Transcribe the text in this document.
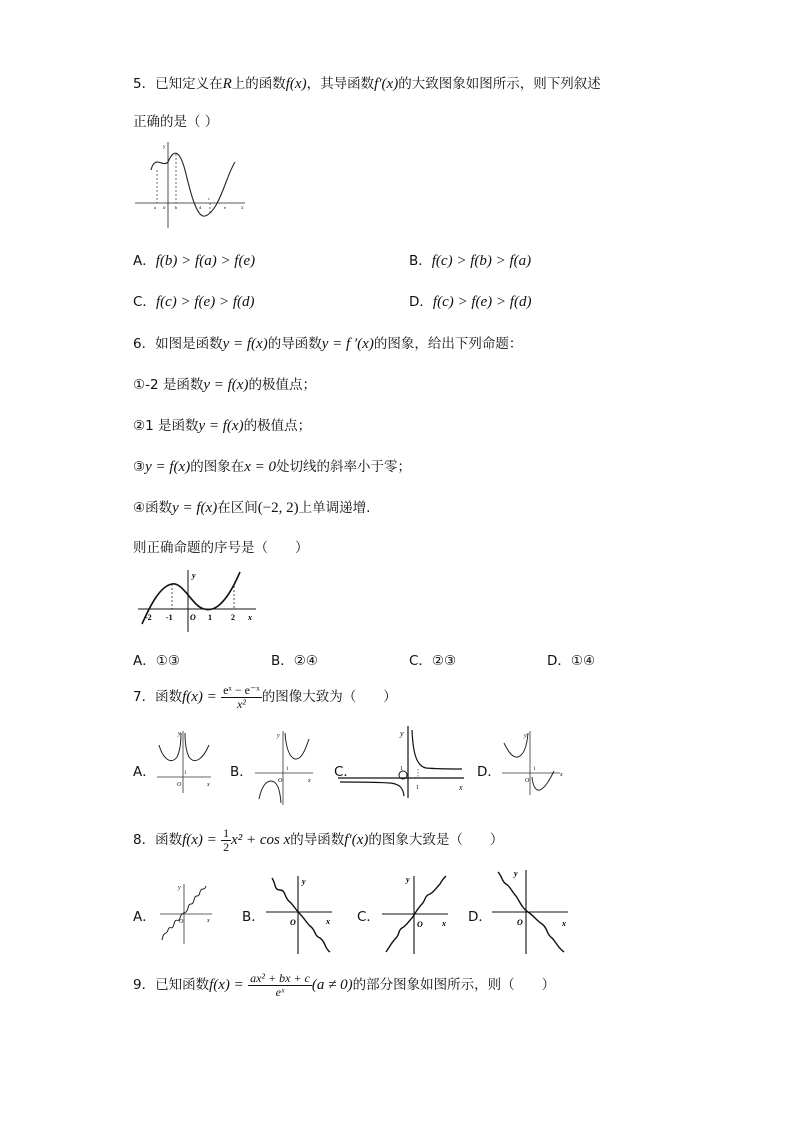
5．已知定义在R上的函数f(x)，其导函数f′(x)的大致图象如图所示，则下列叙述
正确的是（ ）
y
o	x
a	b
c
d	e
A．f(b) > f(a) > f(e)	B．f(c) > f(b) > f(a)
C．f(c) > f(e) > f(d)	D．f(c) > f(e) > f(d)
6．如图是函数y = f(x)的导函数y = f ′(x)的图象，给出下列命题：
①-2 是函数y = f(x)的极值点；
②1 是函数y = f(x)的极值点；
③y = f(x)的图象在x = 0处切线的斜率小于零；
④函数y = f(x)在区间(−2, 2)上单调递增.
则正确命题的序号是（　　）
y
x
O
-2 -1	1 2
A．①③	B．②④	C．②③	D．①④
7．函数$f(x) = \frac{\text{eˣ − e⁻ˣ}}{\text{x²}}$ 的图像大致为（　　）
A．
y
x
O
1	B．
y
x
O
1	C．
y
x
1
1
D．
y
x
O
1
8．函数$f(x) = \frac{1}{2} x^2 + \cos x$的导函数f′(x)的图象大致是（　　）
A．
y
x
O	B．
y
x
O	C．
y
x
O	D．
y
x
O
9．已知函数$f(x) = \frac{\text{ax² + bx + c}}{\text{eˣ}} (a \ne 0)$的部分图象如图所示，则（　　）
